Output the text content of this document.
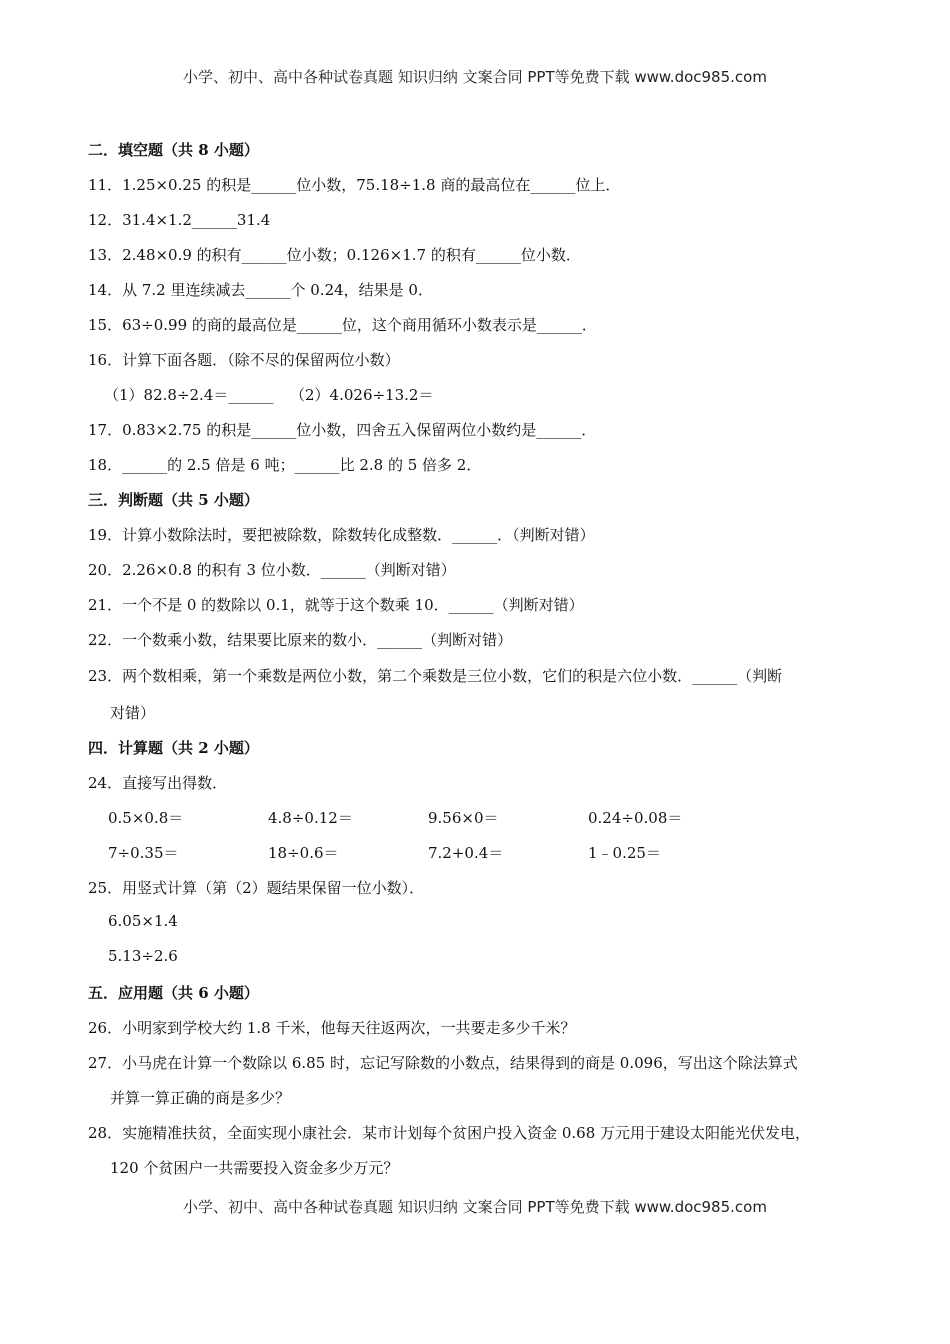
小学、初中、高中各种试卷真题 知识归纳 文案合同 PPT等免费下载 www.doc985.com
二．填空题（共 8 小题）
11．1.25×0.25 的积是______位小数，75.18÷1.8 商的最高位在______位上．
12．31.4×1.2______31.4
13．2.48×0.9 的积有______位小数；0.126×1.7 的积有______位小数．
14．从 7.2 里连续减去______个 0.24，结果是 0．
15．63÷0.99 的商的最高位是______位，这个商用循环小数表示是______．
16．计算下面各题．（除不尽的保留两位小数）
（1）82.8÷2.4＝______ （2）4.026÷13.2＝
17．0.83×2.75 的积是______位小数，四舍五入保留两位小数约是______．
18．______的 2.5 倍是 6 吨；______比 2.8 的 5 倍多 2．
三．判断题（共 5 小题）
19．计算小数除法时，要把被除数，除数转化成整数．______．（判断对错）
20．2.26×0.8 的积有 3 位小数．______（判断对错）
21．一个不是 0 的数除以 0.1，就等于这个数乘 10．______（判断对错）
22．一个数乘小数，结果要比原来的数小．______（判断对错）
23．两个数相乘，第一个乘数是两位小数，第二个乘数是三位小数，它们的积是六位小数．______（判断
对错）
四．计算题（共 2 小题）
24．直接写出得数．
0.5×0.8＝	4.8÷0.12＝	9.56×0＝	0.24÷0.08＝
7÷0.35＝	18÷0.6＝	7.2+0.4＝	1﹣0.25＝
25．用竖式计算（第（2）题结果保留一位小数）．
6.05×1.4
5.13÷2.6
五．应用题（共 6 小题）
26．小明家到学校大约 1.8 千米，他每天往返两次，一共要走多少千米？
27．小马虎在计算一个数除以 6.85 时，忘记写除数的小数点，结果得到的商是 0.096，写出这个除法算式
并算一算正确的商是多少？
28．实施精准扶贫，全面实现小康社会．某市计划每个贫困户投入资金 0.68 万元用于建设太阳能光伏发电，
120 个贫困户一共需要投入资金多少万元？
小学、初中、高中各种试卷真题 知识归纳 文案合同 PPT等免费下载 www.doc985.com
